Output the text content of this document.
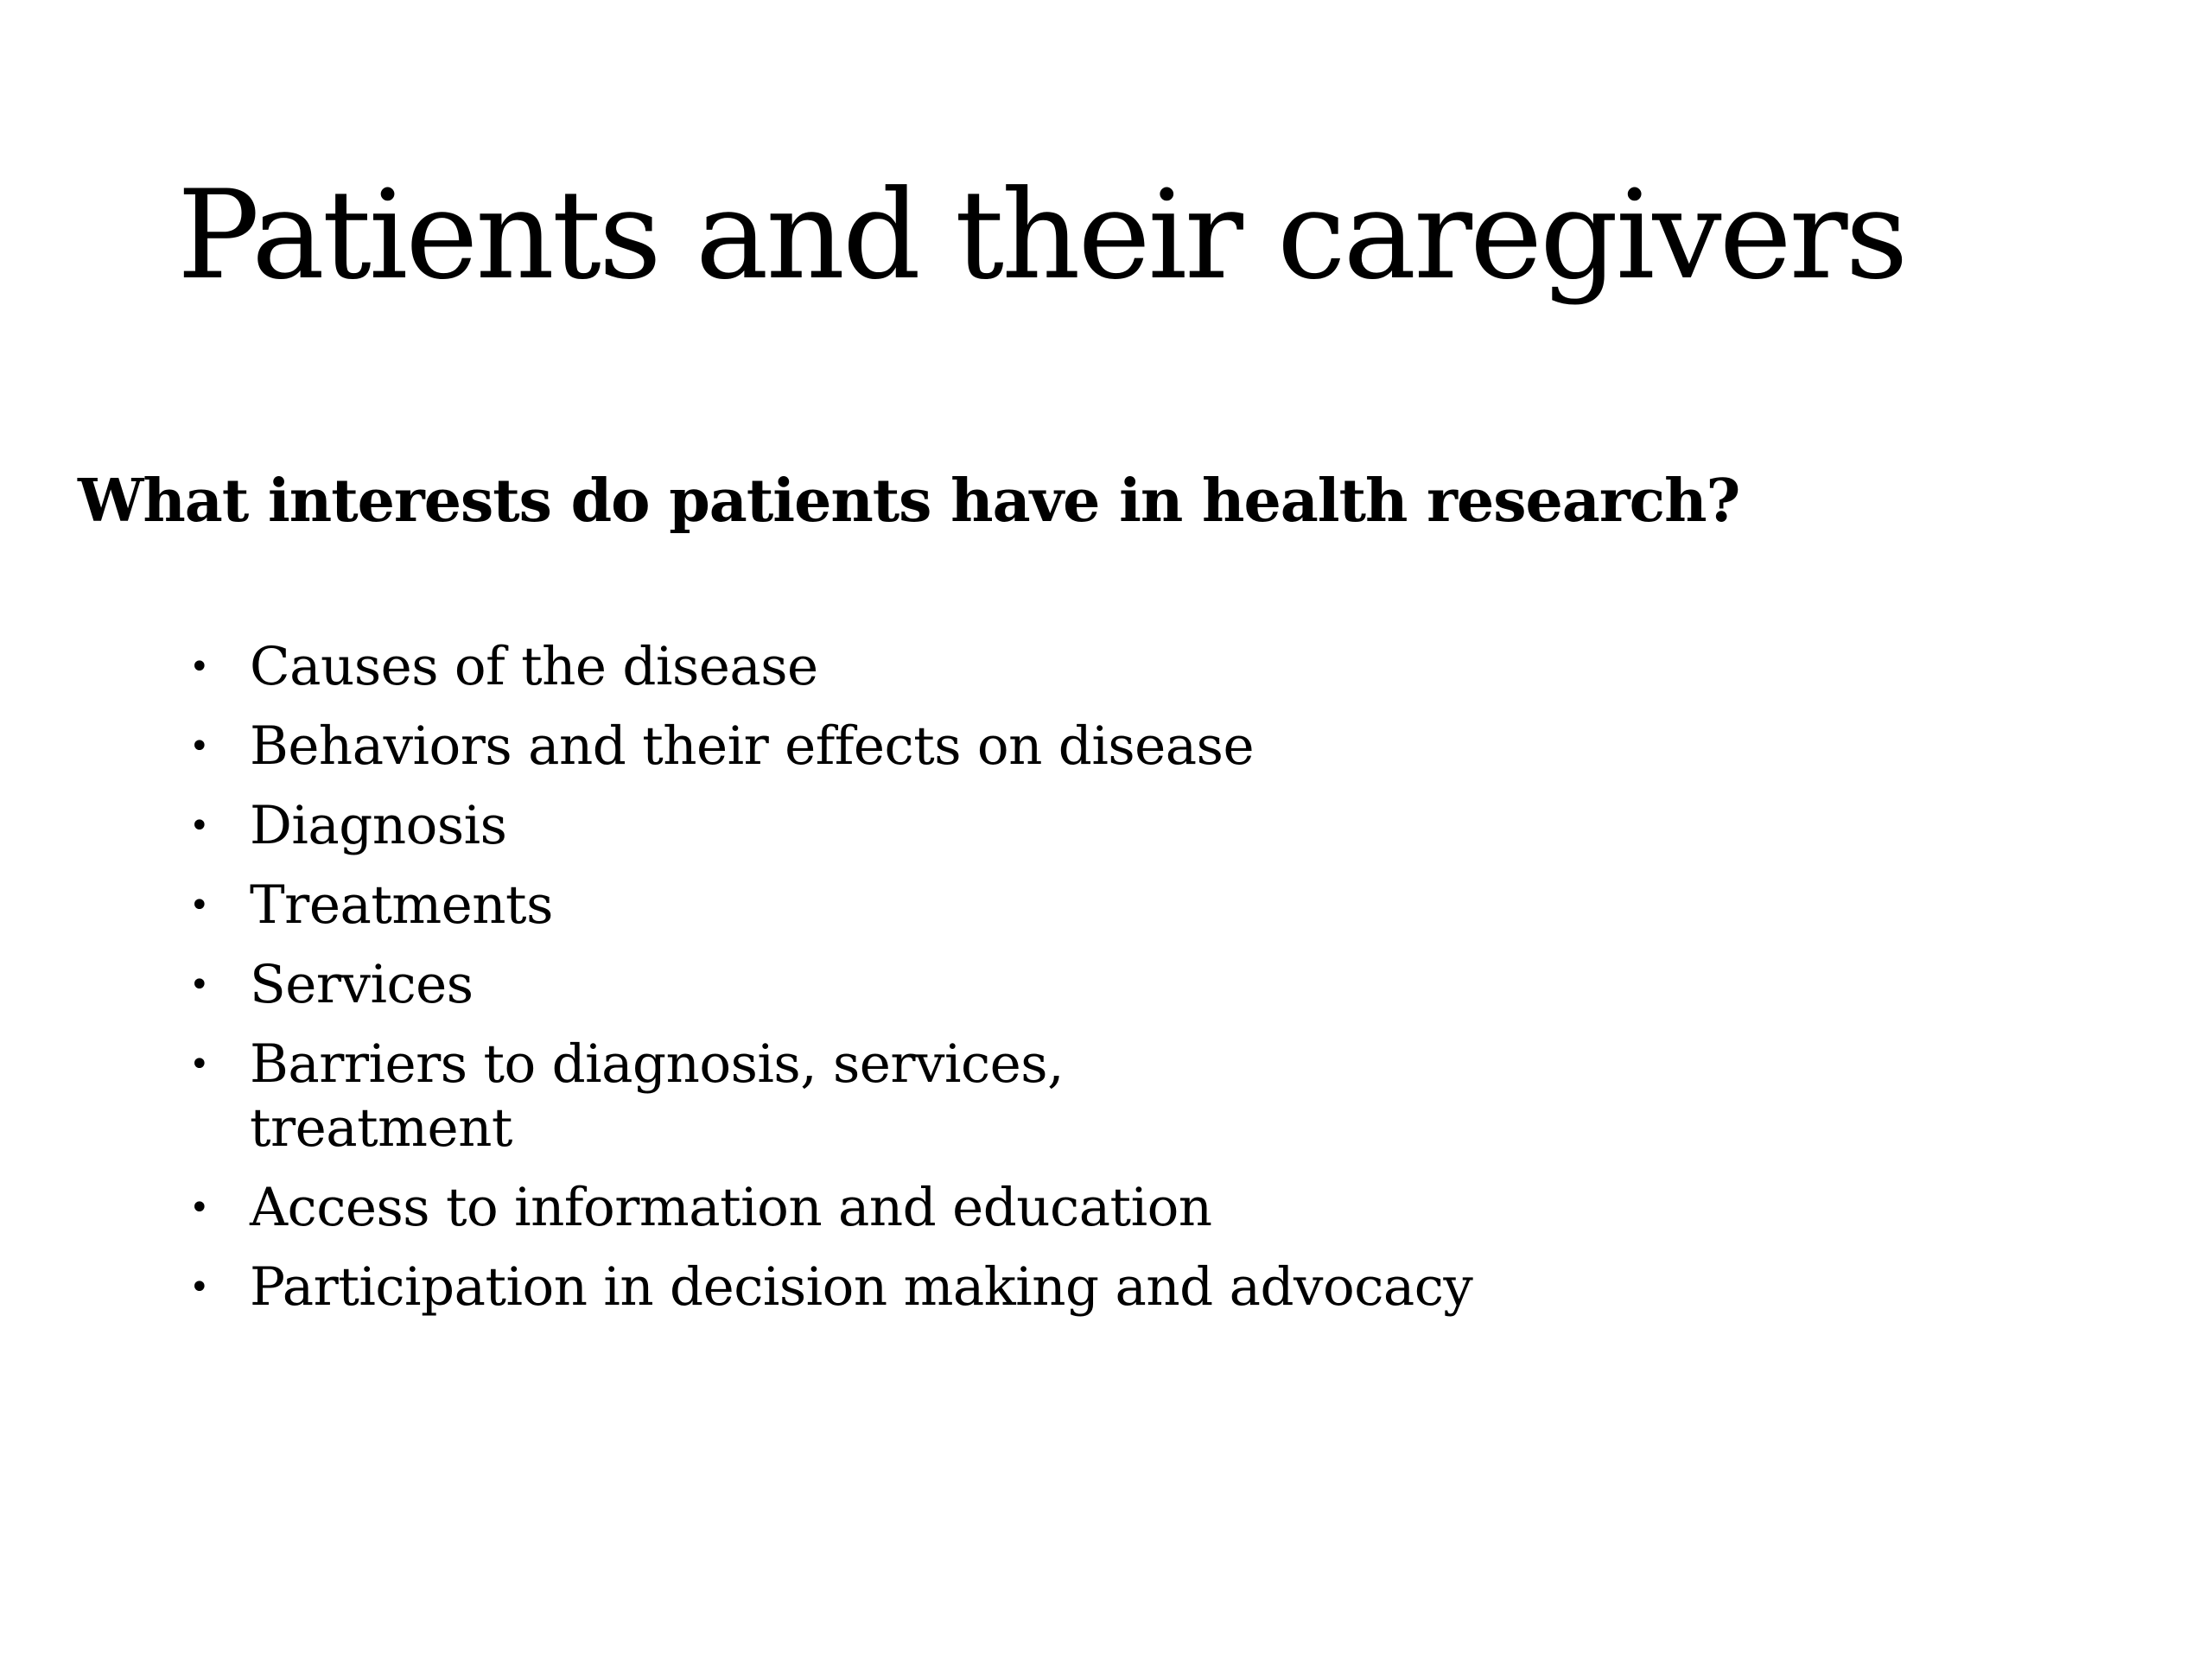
Patients and their caregivers
What interests do patients have in health research?
• Causes of the disease
• Behaviors and their effects on disease
• Diagnosis
• Treatments
• Services
• Barriers to diagnosis, services, treatment
• Access to information and education
• Participation in decision making and advocacy
